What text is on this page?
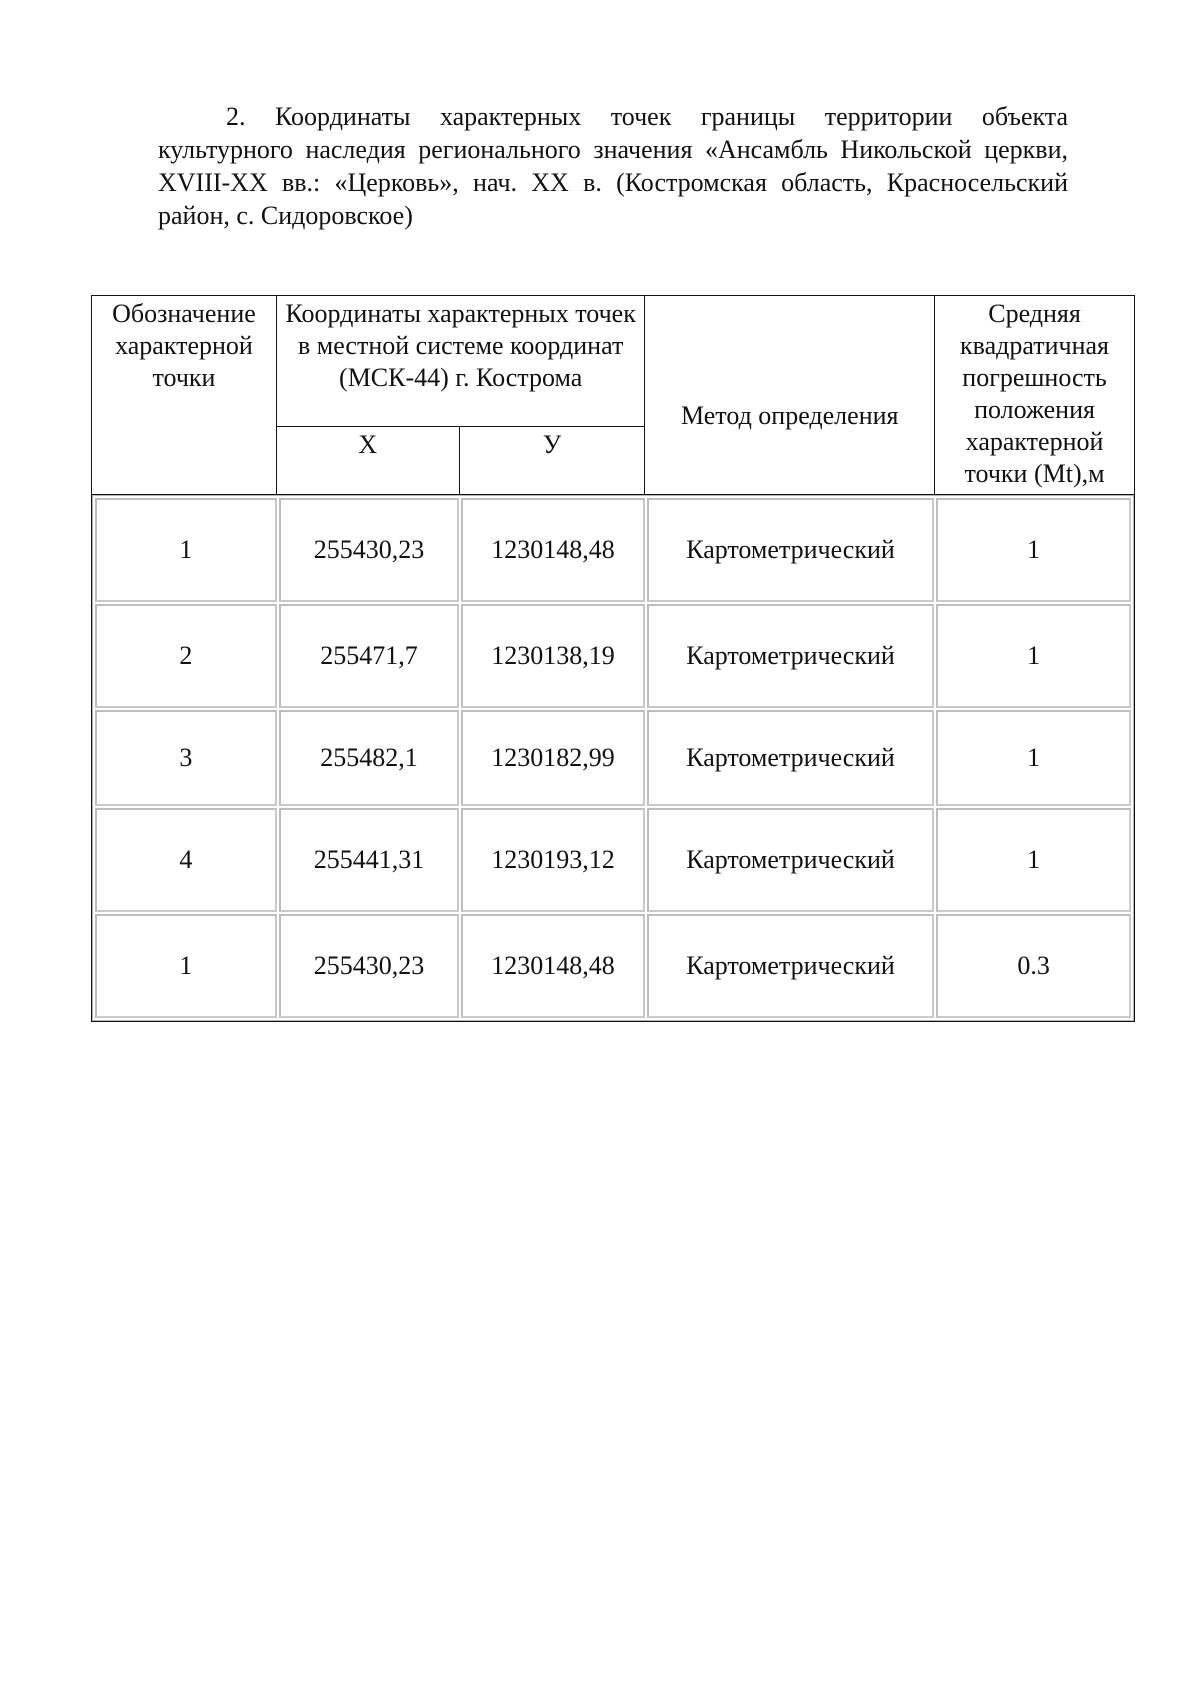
2. Координаты характерных точек границы территории объекта культурного наследия регионального значения «Ансамбль Никольской церкви, XVIII-XX вв.: «Церковь», нач. XX в. (Костромская область, Красносельский район, с. Сидоровское)

Обозначение характерной точки	Координаты характерных точек в местной системе координат (МСК-44) г. Кострома	Метод определения	Средняя квадратичная погрешность положения характерной точки (Mt),м
Х	У

1	255430,23	1230148,48	Картометрический	1
2	255471,7	1230138,19	Картометрический	1
3	255482,1	1230182,99	Картометрический	1
4	255441,31	1230193,12	Картометрический	1
1	255430,23	1230148,48	Картометрический	0.3
